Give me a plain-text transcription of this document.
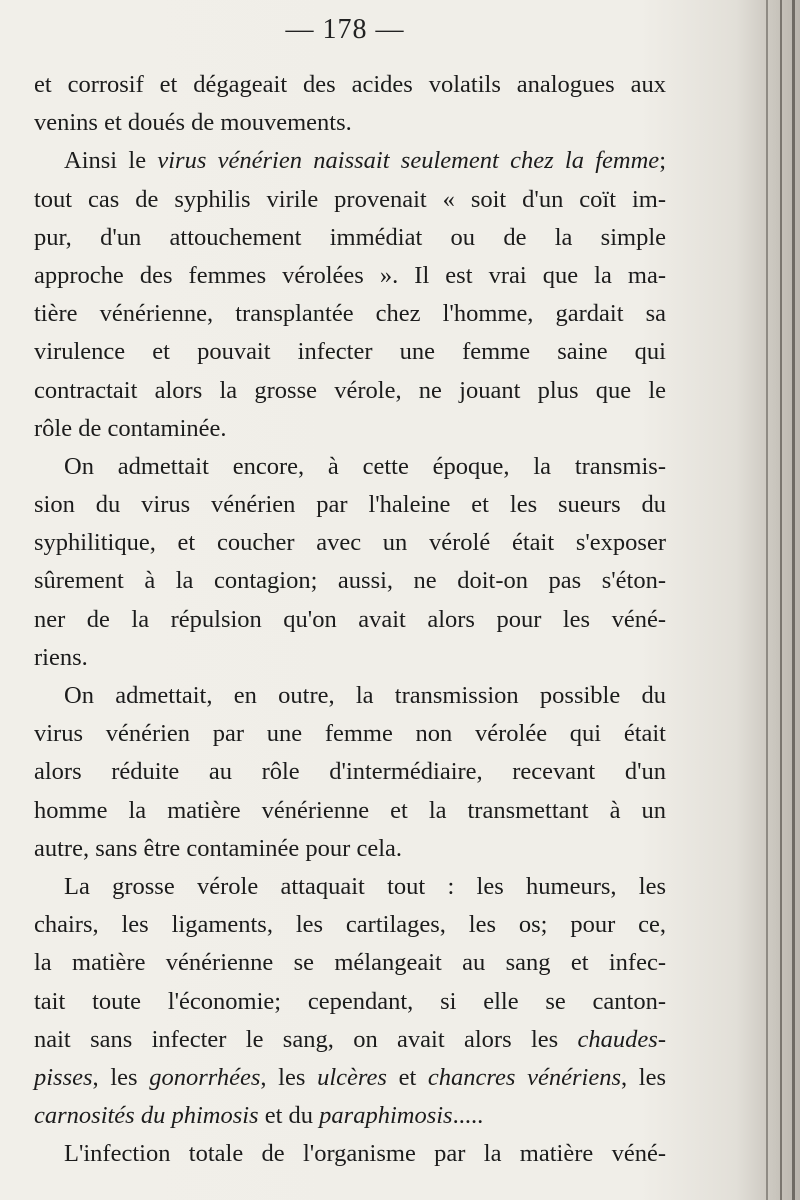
— 178 —
et corrosif et dégageait des acides volatils analogues aux
venins et doués de mouvements.
Ainsi le virus vénérien naissait seulement chez la femme;
tout cas de syphilis virile provenait « soit d'un coït im-
pur, d'un attouchement immédiat ou de la simple
approche des femmes vérolées ». Il est vrai que la ma-
tière vénérienne, transplantée chez l'homme, gardait sa
virulence et pouvait infecter une femme saine qui
contractait alors la grosse vérole, ne jouant plus que le
rôle de contaminée.
On admettait encore, à cette époque, la transmis-
sion du virus vénérien par l'haleine et les sueurs du
syphilitique, et coucher avec un vérolé était s'exposer
sûrement à la contagion; aussi, ne doit-on pas s'éton-
ner de la répulsion qu'on avait alors pour les véné-
riens.
On admettait, en outre, la transmission possible du
virus vénérien par une femme non vérolée qui était
alors réduite au rôle d'intermédiaire, recevant d'un
homme la matière vénérienne et la transmettant à un
autre, sans être contaminée pour cela.
La grosse vérole attaquait tout : les humeurs, les
chairs, les ligaments, les cartilages, les os; pour ce,
la matière vénérienne se mélangeait au sang et infec-
tait toute l'économie; cependant, si elle se canton-
nait sans infecter le sang, on avait alors les chaudes-
pisses, les gonorrhées, les ulcères et chancres vénériens, les
carnosités du phimosis et du paraphimosis.....
L'infection totale de l'organisme par la matière véné-
